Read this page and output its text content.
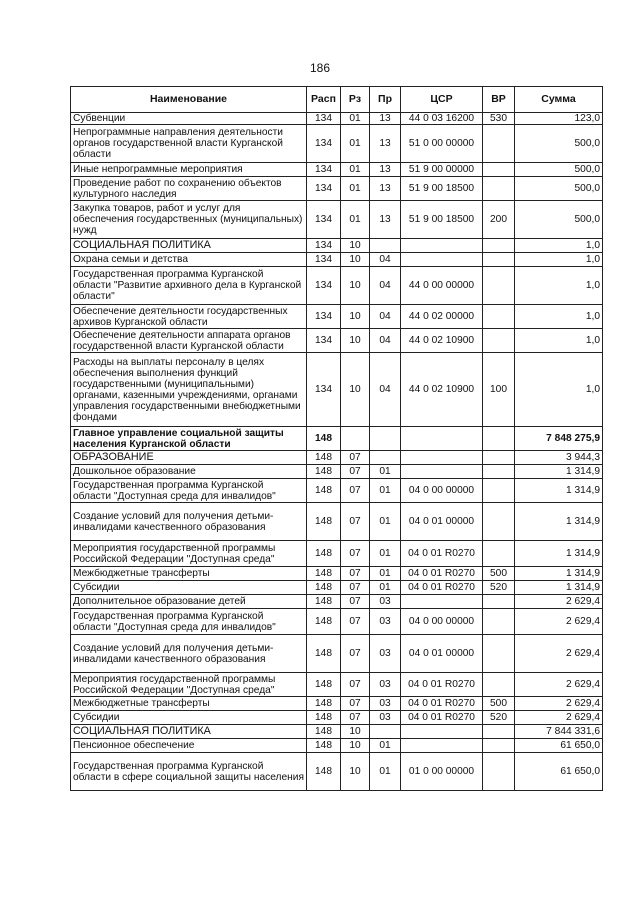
186
Наименование	Расп	Рз	Пр	ЦСР	ВР	Сумма
Субвенции	134	01	13	44 0 03 16200	530	123,0
Непрограммные направления деятельности органов государственной власти Курганской области	134	01	13	51 0 00 00000		500,0
Иные непрограммные мероприятия	134	01	13	51 9 00 00000		500,0
Проведение работ по сохранению объектов культурного наследия	134	01	13	51 9 00 18500		500,0
Закупка товаров, работ и услуг для обеспечения государственных (муниципальных) нужд	134	01	13	51 9 00 18500	200	500,0
СОЦИАЛЬНАЯ ПОЛИТИКА	134	10				1,0
Охрана семьи и детства	134	10	04			1,0
Государственная программа Курганской области "Развитие архивного дела в Курганской области"	134	10	04	44 0 00 00000		1,0
Обеспечение деятельности государственных архивов Курганской области	134	10	04	44 0 02 00000		1,0
Обеспечение деятельности аппарата органов государственной власти Курганской области	134	10	04	44 0 02 10900		1,0
Расходы на выплаты персоналу в целях обеспечения выполнения функций государственными (муниципальными) органами, казенными учреждениями, органами управления государственными внебюджетными фондами	134	10	04	44 0 02 10900	100	1,0
Главное управление социальной защиты населения Курганской области	148					7 848 275,9
ОБРАЗОВАНИЕ	148	07				3 944,3
Дошкольное образование	148	07	01			1 314,9
Государственная программа Курганской области "Доступная среда для инвалидов"	148	07	01	04 0 00 00000		1 314,9
Создание условий для получения детьми-инвалидами качественного образования	148	07	01	04 0 01 00000		1 314,9
Мероприятия государственной программы Российской Федерации "Доступная среда"	148	07	01	04 0 01 R0270		1 314,9
Межбюджетные трансферты	148	07	01	04 0 01 R0270	500	1 314,9
Субсидии	148	07	01	04 0 01 R0270	520	1 314,9
Дополнительное образование детей	148	07	03			2 629,4
Государственная программа Курганской области "Доступная среда для инвалидов"	148	07	03	04 0 00 00000		2 629,4
Создание условий для получения детьми-инвалидами качественного образования	148	07	03	04 0 01 00000		2 629,4
Мероприятия государственной программы Российской Федерации "Доступная среда"	148	07	03	04 0 01 R0270		2 629,4
Межбюджетные трансферты	148	07	03	04 0 01 R0270	500	2 629,4
Субсидии	148	07	03	04 0 01 R0270	520	2 629,4
СОЦИАЛЬНАЯ ПОЛИТИКА	148	10				7 844 331,6
Пенсионное обеспечение	148	10	01			61 650,0
Государственная программа Курганской области в сфере социальной защиты населения	148	10	01	01 0 00 00000		61 650,0
